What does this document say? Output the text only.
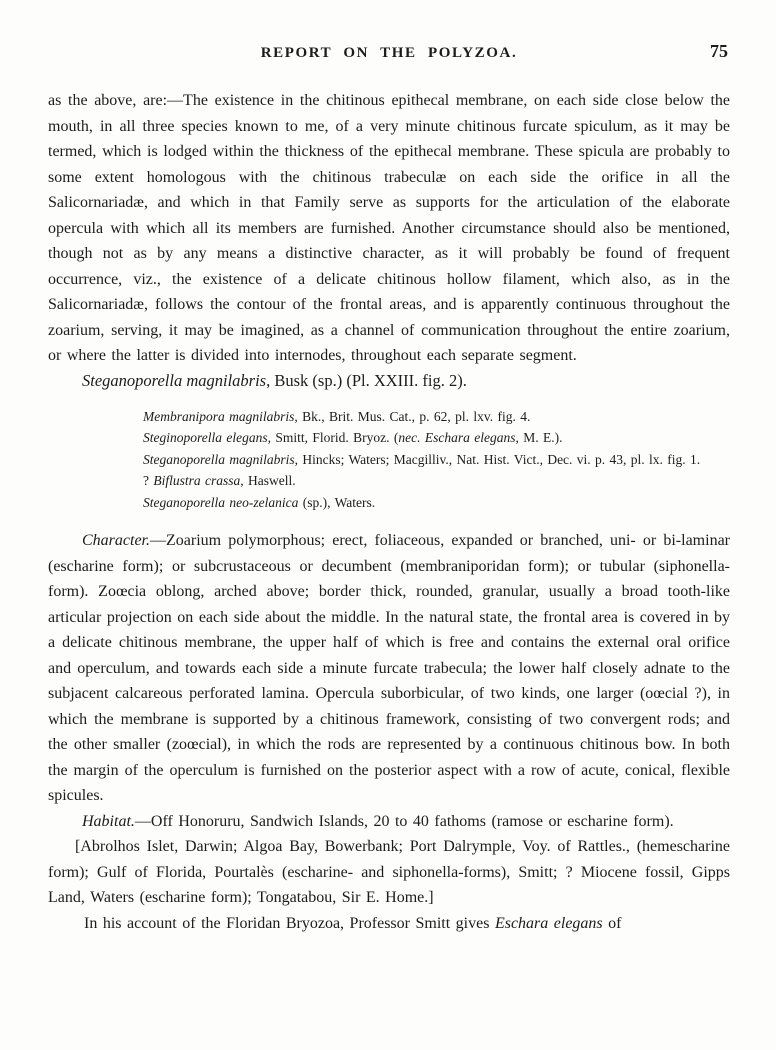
REPORT ON THE POLYZOA.	75

as the above, are:—The existence in the chitinous epithecal membrane, on each side close below the mouth, in all three species known to me, of a very minute chitinous furcate spiculum, as it may be termed, which is lodged within the thickness of the epithecal membrane. These spicula are probably to some extent homologous with the chitinous trabeculæ on each side the orifice in all the Salicornariadæ, and which in that Family serve as supports for the articulation of the elaborate opercula with which all its members are furnished. Another circumstance should also be mentioned, though not as by any means a distinctive character, as it will probably be found of frequent occurrence, viz., the existence of a delicate chitinous hollow filament, which also, as in the Salicornariadæ, follows the contour of the frontal areas, and is apparently continuous throughout the zoarium, serving, it may be imagined, as a channel of communication throughout the entire zoarium, or where the latter is divided into internodes, throughout each separate segment.

Steganoporella magnilabris, Busk (sp.) (Pl. XXIII. fig. 2).

Membranipora magnilabris, Bk., Brit. Mus. Cat., p. 62, pl. lxv. fig. 4.

Steginoporella elegans, Smitt, Florid. Bryoz. (nec. Eschara elegans, M. E.).

Steganoporella magnilabris, Hincks; Waters; Macgilliv., Nat. Hist. Vict., Dec. vi. p. 43, pl. lx. fig. 1.

? Biflustra crassa, Haswell.

Steganoporella neo-zelanica (sp.), Waters.

Character.—Zoarium polymorphous; erect, foliaceous, expanded or branched, uni- or bi-laminar (escharine form); or subcrustaceous or decumbent (membraniporidan form); or tubular (siphonella-form). Zoœcia oblong, arched above; border thick, rounded, granular, usually a broad tooth-like articular projection on each side about the middle. In the natural state, the frontal area is covered in by a delicate chitinous membrane, the upper half of which is free and contains the external oral orifice and operculum, and towards each side a minute furcate trabecula; the lower half closely adnate to the subjacent calcareous perforated lamina. Opercula suborbicular, of two kinds, one larger (oœcial ?), in which the membrane is supported by a chitinous framework, consisting of two convergent rods; and the other smaller (zoœcial), in which the rods are represented by a continuous chitinous bow. In both the margin of the operculum is furnished on the posterior aspect with a row of acute, conical, flexible spicules.

Habitat.—Off Honoruru, Sandwich Islands, 20 to 40 fathoms (ramose or escharine form).

[Abrolhos Islet, Darwin; Algoa Bay, Bowerbank; Port Dalrymple, Voy. of Rattles., (hemescharine form); Gulf of Florida, Pourtalès (escharine- and siphonella-forms), Smitt; ? Miocene fossil, Gipps Land, Waters (escharine form); Tongatabou, Sir E. Home.]

In his account of the Floridan Bryozoa, Professor Smitt gives Eschara elegans of
